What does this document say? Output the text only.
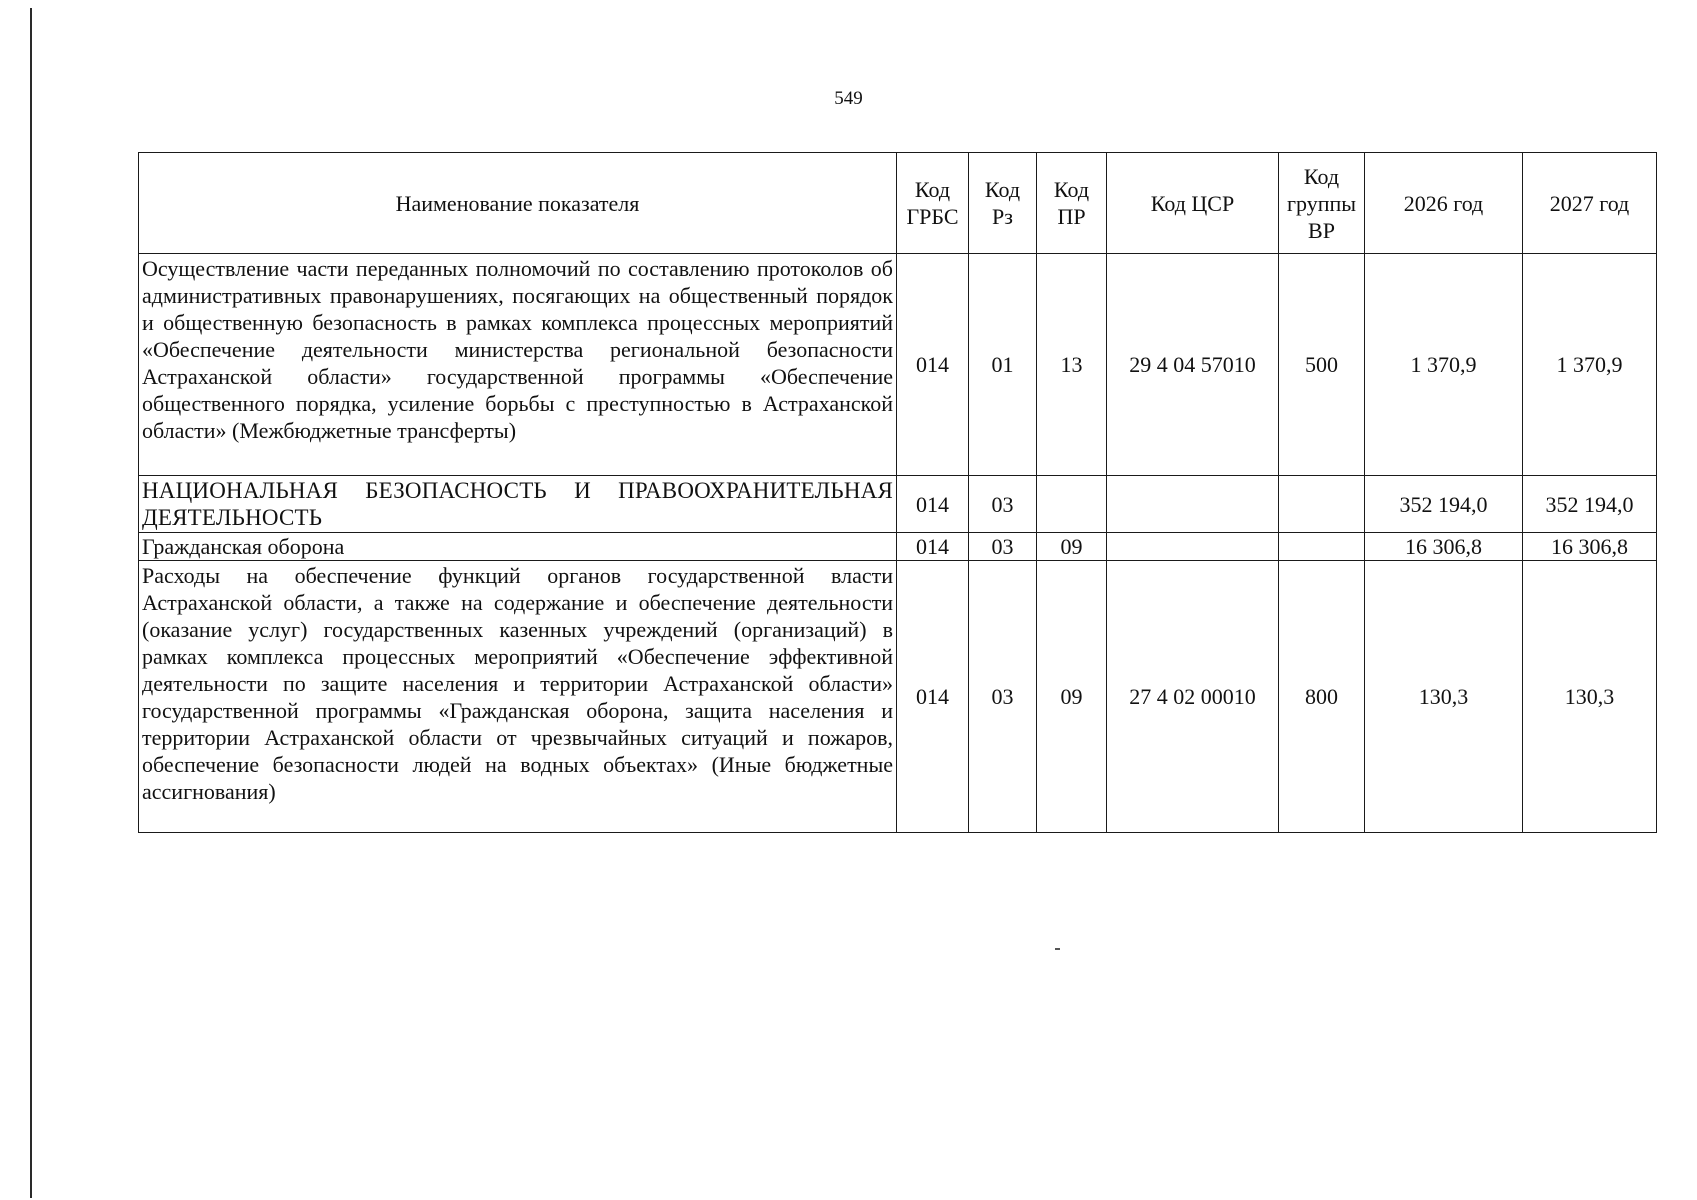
549
Наименование показателя	Код ГРБС	Код Рз	Код ПР	Код ЦСР	Код группы ВР	2026 год	2027 год
Осуществление части переданных полномочий по составлению протоколов об административных правонарушениях, посягающих на общественный порядок и общественную безопасность в рамках комплекса процессных мероприятий «Обеспечение деятельности министерства региональной безопасности Астраханской области» государственной программы «Обеспечение общественного порядка, усиление борьбы с преступностью в Астраханской области» (Межбюджетные трансферты)	014	01	13	29 4 04 57010	500	1 370,9	1 370,9
НАЦИОНАЛЬНАЯ БЕЗОПАСНОСТЬ И ПРАВООХРАНИТЕЛЬНАЯ ДЕЯТЕЛЬНОСТЬ	014	03				352 194,0	352 194,0
Гражданская оборона	014	03	09			16 306,8	16 306,8
Расходы на обеспечение функций органов государственной власти Астраханской области, а также на содержание и обеспечение деятельности (оказание услуг) государственных казенных учреждений (организаций) в рамках комплекса процессных мероприятий «Обеспечение эффективной деятельности по защите населения и территории Астраханской области» государственной программы «Гражданская оборона, защита населения и территории Астраханской области от чрезвычайных ситуаций и пожаров, обеспечение безопасности людей на водных объектах» (Иные бюджетные ассигнования)	014	03	09	27 4 02 00010	800	130,3	130,3
